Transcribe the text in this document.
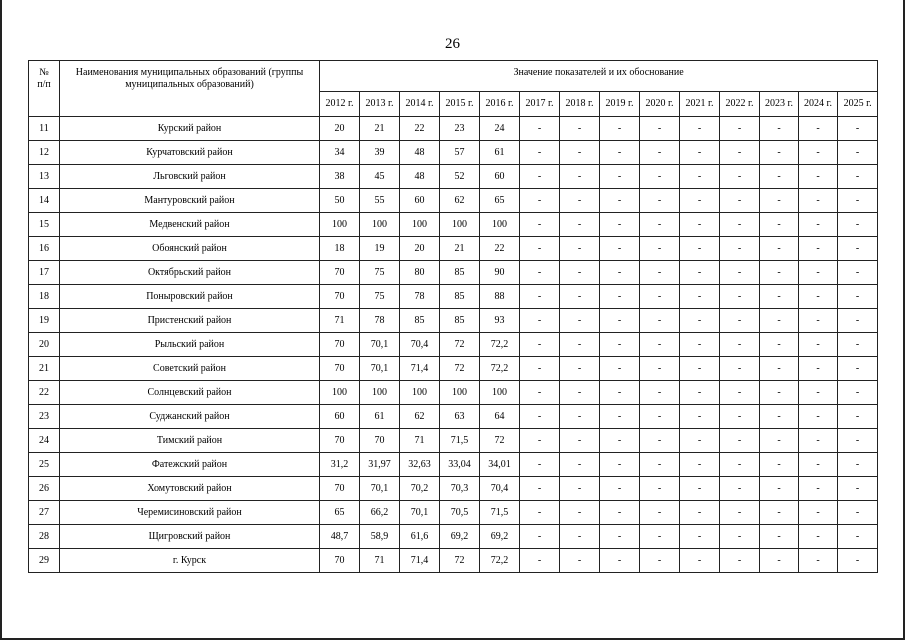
26
№
п/п	Наименования муниципальных образований (группы муниципальных образований)	Значение показателей и их обоснование													
		2012 г.	2013 г.	2014 г.	2015 г.	2016 г.	2017 г.	2018 г.	2019 г.	2020 г.	2021 г.	2022 г.	2023 г.	2024 г.	2025 г.
11	Курский район	20	21	22	23	24	-	-	-	-	-	-	-	-	-
12	Курчатовский район	34	39	48	57	61	-	-	-	-	-	-	-	-	-
13	Льговский район	38	45	48	52	60	-	-	-	-	-	-	-	-	-
14	Мантуровский район	50	55	60	62	65	-	-	-	-	-	-	-	-	-
15	Медвенский район	100	100	100	100	100	-	-	-	-	-	-	-	-	-
16	Обоянский район	18	19	20	21	22	-	-	-	-	-	-	-	-	-
17	Октябрьский район	70	75	80	85	90	-	-	-	-	-	-	-	-	-
18	Поныровский район	70	75	78	85	88	-	-	-	-	-	-	-	-	-
19	Пристенский район	71	78	85	85	93	-	-	-	-	-	-	-	-	-
20	Рыльский район	70	70,1	70,4	72	72,2	-	-	-	-	-	-	-	-	-
21	Советский район	70	70,1	71,4	72	72,2	-	-	-	-	-	-	-	-	-
22	Солнцевский район	100	100	100	100	100	-	-	-	-	-	-	-	-	-
23	Суджанский район	60	61	62	63	64	-	-	-	-	-	-	-	-	-
24	Тимский район	70	70	71	71,5	72	-	-	-	-	-	-	-	-	-
25	Фатежский район	31,2	31,97	32,63	33,04	34,01	-	-	-	-	-	-	-	-	-
26	Хомутовский район	70	70,1	70,2	70,3	70,4	-	-	-	-	-	-	-	-	-
27	Черемисиновский район	65	66,2	70,1	70,5	71,5	-	-	-	-	-	-	-	-	-
28	Щигровский район	48,7	58,9	61,6	69,2	69,2	-	-	-	-	-	-	-	-	-
29	г. Курск	70	71	71,4	72	72,2	-	-	-	-	-	-	-	-	-
